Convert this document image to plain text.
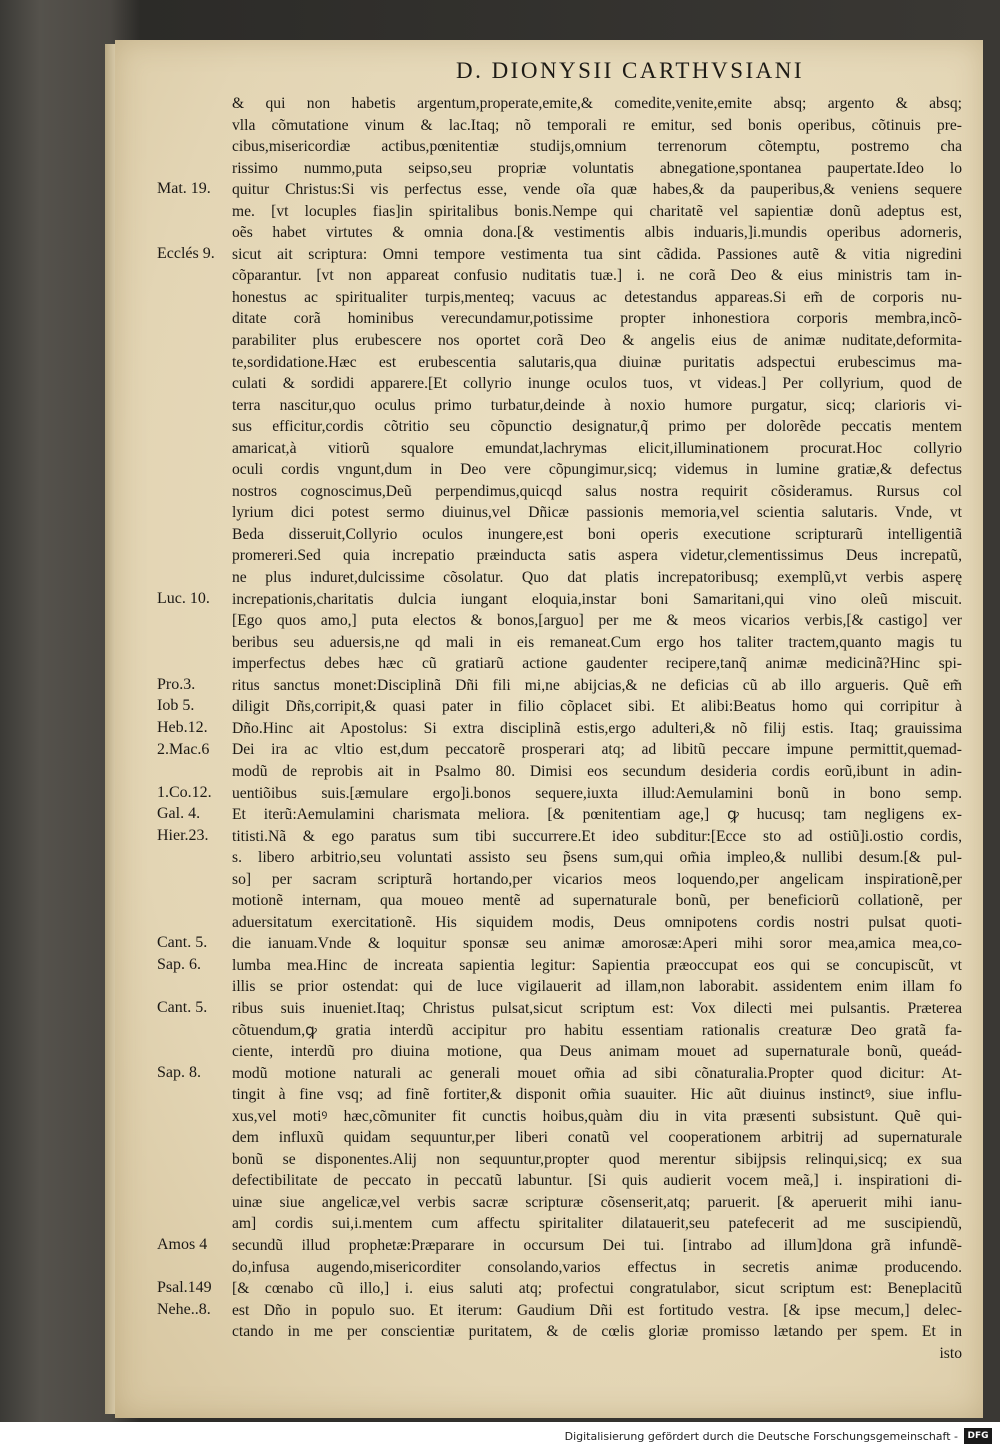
D. DIONYSII CARTHVSIANI
& qui non habetis argentum,properate,emite,& comedite,venite,emite absq; argento & absq;
vlla cõmutatione vinum & lac.Itaq; nõ temporali re emitur, sed bonis operibus, cõtinuis pre-
cibus,misericordiæ actibus,pœnitentiæ studijs,omnium terrenorum cõtemptu, postremo cha
rissimo nummo,puta seipso,seu propriæ voluntatis abnegatione,spontanea paupertate.Ideo lo
quitur Christus:Si vis perfectus esse, vende oĩa quæ habes,& da pauperibus,& veniens sequere
me. [vt locuples fias]in spiritalibus bonis.Nempe qui charitatẽ vel sapientiæ donũ adeptus est,
oẽs habet virtutes & omnia dona.[& vestimentis albis induaris,]i.mundis operibus adorneris,
sicut ait scriptura: Omni tempore vestimenta tua sint cãdida. Passiones autẽ & vitia nigredini
cõparantur. [vt non appareat confusio nuditatis tuæ.] i. ne corã Deo & eius ministris tam in-
honestus ac spiritualiter turpis,menteq; vacuus ac detestandus appareas.Si em̃ de corporis nu-
ditate corã hominibus verecundamur,potissime propter inhonestiora corporis membra,incõ-
parabiliter plus erubescere nos oportet corã Deo & angelis eius de animæ nuditate,deformita-
te,sordidatione.Hæc est erubescentia salutaris,qua diuinæ puritatis adspectui erubescimus ma-
culati & sordidi apparere.[Et collyrio inunge oculos tuos, vt videas.] Per collyrium, quod de
terra nascitur,quo oculus primo turbatur,deinde à noxio humore purgatur, sicq; clarioris vi-
sus efficitur,cordis cõtritio seu cõpunctio designatur,q̃ primo per dolorẽde peccatis mentem
amaricat,à vitiorũ squalore emundat,lachrymas elicit,illuminationem procurat.Hoc collyrio
oculi cordis vngunt,dum in Deo vere cõpungimur,sicq; videmus in lumine gratiæ,& defectus
nostros cognoscimus,Deũ perpendimus,quicqd salus nostra requirit cõsideramus. Rursus col
lyrium dici potest sermo diuinus,vel Dñicæ passionis memoria,vel scientia salutaris. Vnde, vt
Beda disseruit,Collyrio oculos inungere,est boni operis executione scripturarũ intelligentiã
promereri.Sed quia increpatio præinducta satis aspera videtur,clementissimus Deus increpatũ,
ne plus induret,dulcissime cõsolatur. Quo dat platis increpatoribusq; exemplũ,vt verbis asperę
increpationis,charitatis dulcia iungant eloquia,instar boni Samaritani,qui vino oleũ miscuit.
[Ego quos amo,] puta electos & bonos,[arguo] per me & meos vicarios verbis,[& castigo] ver
beribus seu aduersis,ne qd mali in eis remaneat.Cum ergo hos taliter tractem,quanto magis tu
imperfectus debes hæc cũ gratiarũ actione gaudenter recipere,tanq̃ animæ medicinã?Hinc spi-
ritus sanctus monet:Disciplinã Dñi fili mi,ne abijcias,& ne deficias cũ ab illo argueris. Quẽ em̃
diligit Dñs,corripit,& quasi pater in filio cõplacet sibi. Et alibi:Beatus homo qui corripitur à
Dño.Hinc ait Apostolus: Si extra disciplinã estis,ergo adulteri,& nõ filij estis. Itaq; grauissima
Dei ira ac vltio est,dum peccatorẽ prosperari atq; ad libitũ peccare impune permittit,quemad-
modũ de reprobis ait in Psalmo 80. Dimisi eos secundum desideria cordis eorũ,ibunt in adin-
uentiõibus suis.[æmulare ergo]i.bonos sequere,iuxta illud:Aemulamini bonũ in bono semp.
Et iterũ:Aemulamini charismata meliora. [& pœnitentiam age,] ꝙ hucusq; tam negligens ex-
titisti.Nã & ego paratus sum tibi succurrere.Et ideo subditur:[Ecce sto ad ostiũ]i.ostio cordis,
s. libero arbitrio,seu voluntati assisto seu p̃sens sum,qui om̃ia impleo,& nullibi desum.[& pul-
so] per sacram scripturã hortando,per vicarios meos loquendo,per angelicam inspirationẽ,per
motionẽ internam, qua moueo mentẽ ad supernaturale bonũ, per beneficiorũ collationẽ, per
aduersitatum exercitationẽ. His siquidem modis, Deus omnipotens cordis nostri pulsat quoti-
die ianuam.Vnde & loquitur sponsæ seu animæ amorosæ:Aperi mihi soror mea,amica mea,co-
lumba mea.Hinc de increata sapientia legitur: Sapientia præoccupat eos qui se concupiscũt, vt
illis se prior ostendat: qui de luce vigilauerit ad illam,non laborabit. assidentem enim illam fo
ribus suis inueniet.Itaq; Christus pulsat,sicut scriptum est: Vox dilecti mei pulsantis. Præterea
cõtuendum,ꝙ gratia interdũ accipitur pro habitu essentiam rationalis creaturæ Deo gratã fa-
ciente, interdũ pro diuina motione, qua Deus animam mouet ad supernaturale bonũ, queád-
modũ motione naturali ac generali mouet om̃ia ad sibi cõnaturalia.Propter quod dicitur: At-
tingit à fine vsq; ad finẽ fortiter,& disponit om̃ia suauiter. Hic aũt diuinus instinctꝰ, siue influ-
xus,vel motiꝰ hæc,cõmuniter fit cunctis hoibus,quàm diu in vita præsenti subsistunt. Quẽ qui-
dem influxũ quidam sequuntur,per liberi conatũ vel cooperationem arbitrij ad supernaturale
bonũ se disponentes.Alij non sequuntur,propter quod merentur sibijpsis relinqui,sicq; ex sua
defectibilitate de peccato in peccatũ labuntur. [Si quis audierit vocem meã,] i. inspirationi di-
uinæ siue angelicæ,vel verbis sacræ scripturæ cõsenserit,atq; paruerit. [& aperuerit mihi ianu-
am] cordis sui,i.mentem cum affectu spiritaliter dilatauerit,seu patefecerit ad me suscipiendũ,
secundũ illud prophetæ:Præparare in occursum Dei tui. [intrabo ad illum]dona grã infundẽ-
do,infusa augendo,misericorditer consolando,varios effectus in secretis animæ producendo.
[& cœnabo cũ illo,] i. eius saluti atq; profectui congratulabor, sicut scriptum est: Beneplacitũ
est Dño in populo suo. Et iterum: Gaudium Dñi est fortitudo vestra. [& ipse mecum,] delec-
ctando in me per conscientiæ puritatem, & de cœlis gloriæ promisso lætando per spem. Et in
isto
Mat. 19.
Ecclés 9.
Luc. 10.
Pro.3.
Iob 5.
Heb.12.
2.Mac.6
1.Co.12.
Gal. 4.
Hier.23.
Cant. 5.
Sap. 6.
Cant. 5.
Sap. 8.
Amos 4
Psal.149
Nehe..8.
Digitalisierung gefördert durch die Deutsche Forschungsgemeinschaft -	DFG
